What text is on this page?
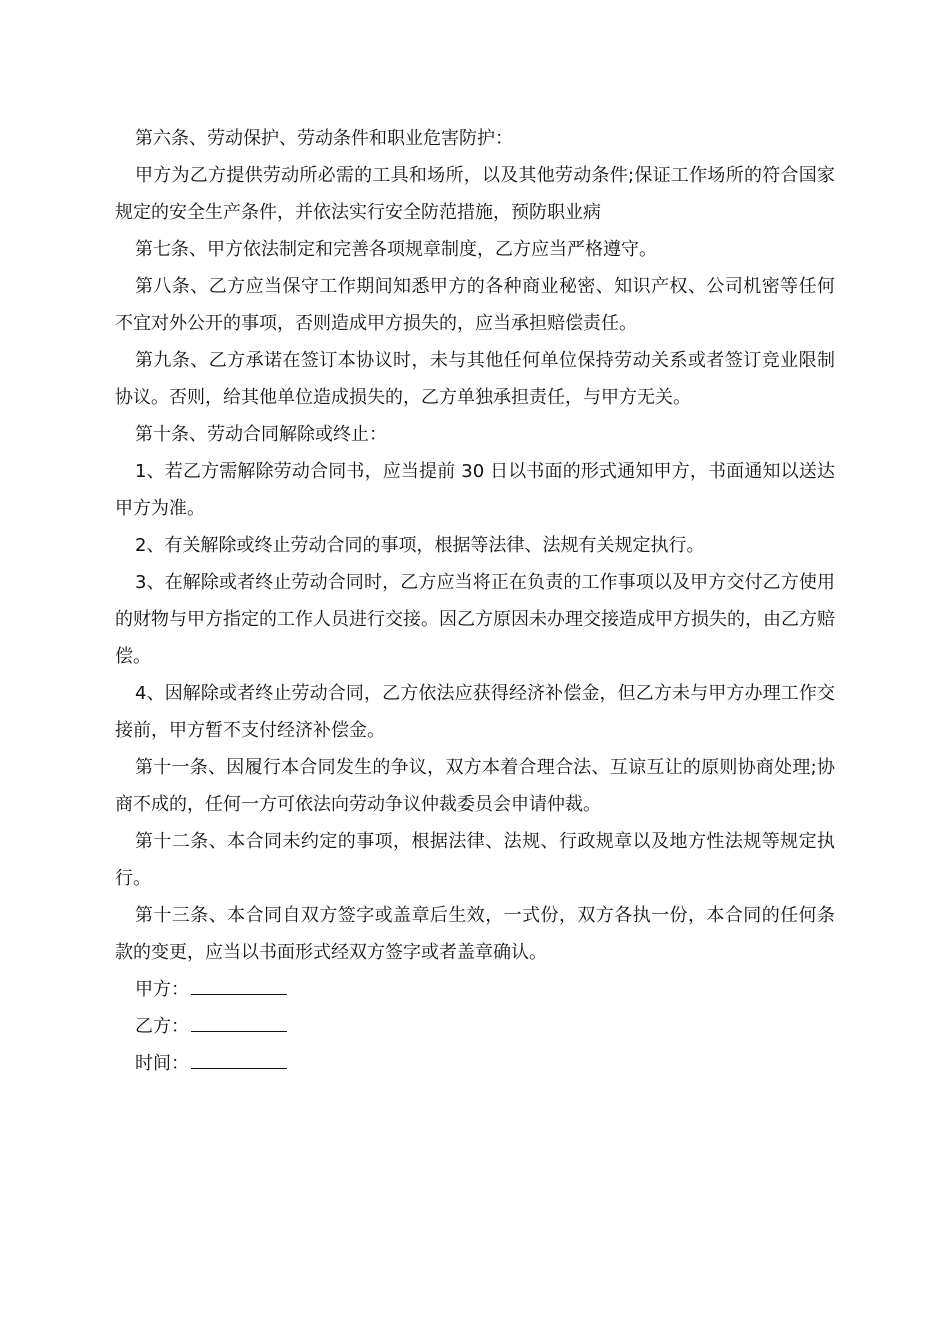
第六条、劳动保护、劳动条件和职业危害防护：

甲方为乙方提供劳动所必需的工具和场所，以及其他劳动条件;保证工作场所的符合国家规定的安全生产条件，并依法实行安全防范措施，预防职业病

第七条、甲方依法制定和完善各项规章制度，乙方应当严格遵守。

第八条、乙方应当保守工作期间知悉甲方的各种商业秘密、知识产权、公司机密等任何不宜对外公开的事项，否则造成甲方损失的，应当承担赔偿责任。

第九条、乙方承诺在签订本协议时，未与其他任何单位保持劳动关系或者签订竞业限制协议。否则，给其他单位造成损失的，乙方单独承担责任，与甲方无关。

第十条、劳动合同解除或终止：

1、若乙方需解除劳动合同书，应当提前 30 日以书面的形式通知甲方，书面通知以送达甲方为准。

2、有关解除或终止劳动合同的事项，根据等法律、法规有关规定执行。

3、在解除或者终止劳动合同时，乙方应当将正在负责的工作事项以及甲方交付乙方使用的财物与甲方指定的工作人员进行交接。因乙方原因未办理交接造成甲方损失的，由乙方赔偿。

4、因解除或者终止劳动合同，乙方依法应获得经济补偿金，但乙方未与甲方办理工作交接前，甲方暂不支付经济补偿金。

第十一条、因履行本合同发生的争议，双方本着合理合法、互谅互让的原则协商处理;协商不成的，任何一方可依法向劳动争议仲裁委员会申请仲裁。

第十二条、本合同未约定的事项，根据法律、法规、行政规章以及地方性法规等规定执行。

第十三条、本合同自双方签字或盖章后生效，一式份，双方各执一份，本合同的任何条款的变更，应当以书面形式经双方签字或者盖章确认。

甲方：
乙方：
时间：
